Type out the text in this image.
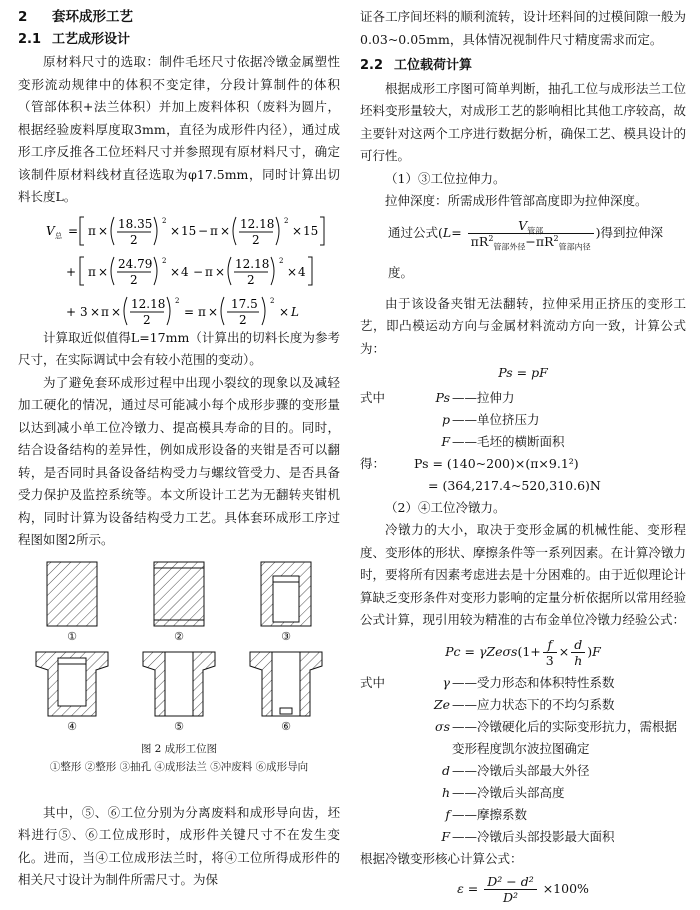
2 套环成形工艺
2.1 工艺成形设计

原材料尺寸的选取：制件毛坯尺寸依据冷镦金属塑性变形流动规律中的体积不变定律，分段计算制件的体积（管部体积+法兰体积）并加上废料体积（废料为圆片，根据经验废料厚度取3mm，直径为成形件内径），通过成形工序反推各工位坯料尺寸并参照现有原材料尺寸，确定该制件原材料线材直径选取为φ17.5mm，同时计算出切料长度L。

V 总 = π × 18.35
2
2
× 15 − π × 12.18
2
2
× 15
+ π ×
24.79
2
2
× 4 − π ×
12.18
2
2
× 4
+ 3 × π ×
12.18
2
2
= π ×
17.5
2
2
× L

计算取近似值得L=17mm（计算出的切料长度为参考尺寸，在实际调试中会有较小范围的变动）。

为了避免套环成形过程中出现小裂纹的现象以及减轻加工硬化的情况，通过尽可能减小每个成形步骤的变形量以达到减小单工位冷镦力、提高模具寿命的目的。同时，结合设备结构的差异性，例如成形设备的夹钳是否可以翻转，是否同时具备设备结构受力与螺纹管受力、是否具备受力保护及监控系统等。本文所设计工艺为无翻转夹钳机构，同时计算为设备结构受力工艺。具体套环成形工序过程图如图2所示。

①	②	③
④	⑤	⑥
图 2 成形工位图
①整形 ②整形 ③抽孔 ④成形法兰 ⑤冲废料 ⑥成形导向

其中，⑤、⑥工位分别为分离废料和成形导向齿，坯料进行⑤、⑥工位成形时，成形件关键尺寸不在发生变化。进而，当④工位成形法兰时，将④工位所得成形件的相关尺寸设计为制件所需尺寸。为保

证各工序间坯料的顺利流转，设计坯料间的过模间隙一般为0.03~0.05mm，具体情况视制件尺寸精度需求而定。

2.2 工位载荷计算

根据成形工序图可简单判断，抽孔工位与成形法兰工位坯料变形量较大，对成形工艺的影响相比其他工序较高，故主要针对这两个工序进行数据分析，确保工艺、模具设计的可行性。

（1）③工位拉伸力。

拉伸深度：所需成形件管部高度即为拉伸深度。

通过公式($L= \frac{V_{管部}}{\pi R^2_{管部外径}-\pi R^2_{管部内径}}$ )得到拉伸深度。

由于该设备夹钳无法翻转，拉伸采用正挤压的变形工艺，即凸模运动方向与金属材料流动方向一致，计算公式为：

Ps = pF
式中	Ps ——拉伸力
p ——单位挤压力
F ——毛坯的横断面积
得：	Ps = (140~200)×(π×9.1²)
= (364,217.4~520,310.6)N

（2）④工位冷镦力。

冷镦力的大小，取决于变形金属的机械性能、变形程度、变形体的形状、摩擦条件等一系列因素。在计算冷镦力时，要将所有因素考虑进去是十分困难的。由于近似理论计算缺乏变形条件对变形力影响的定量分析依据所以常用经验公式计算，现引用较为精准的古布金单位冷镦力经验公式：

$Pc = \gamma Ze\sigma s(1+ \frac{f}{3} \times \frac{d}{h} )F$
式中	γ ——受力形态和体积特性系数
Ze ——应力状态下的不均匀系数
σs ——冷镦硬化后的实际变形抗力，需根据变形程度凯尔波拉图确定
d ——冷镦后头部最大外径
h ——冷镦后头部高度
f ——摩擦系数
F ——冷镦后头部投影最大面积

根据冷镦变形核心计算公式：

$\varepsilon = \frac{\text{D² − d²}}{\text{D²}} \times 100\%$
